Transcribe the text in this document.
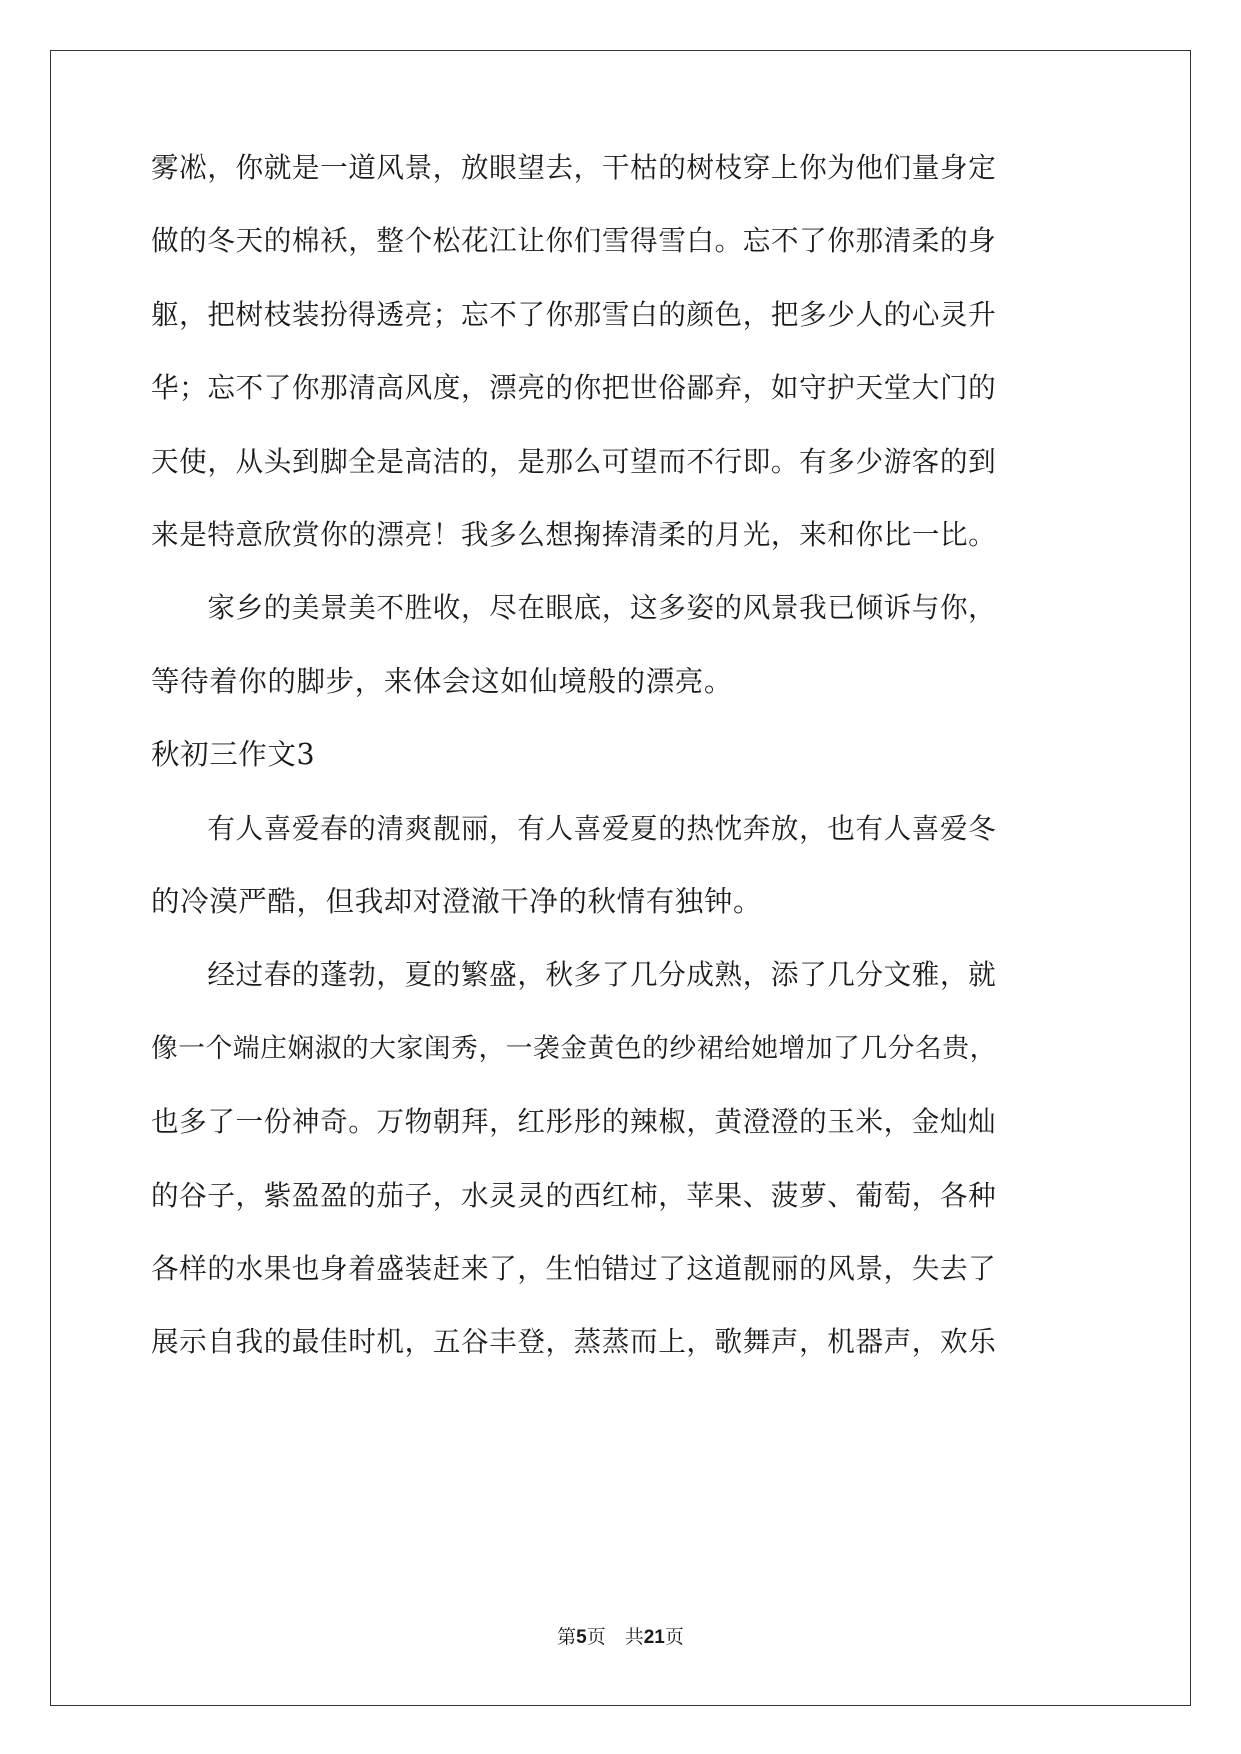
雾凇，你就是一道风景，放眼望去，干枯的树枝穿上你为他们量身定
做的冬天的棉袄，整个松花江让你们雪得雪白。忘不了你那清柔的身
躯，把树枝装扮得透亮；忘不了你那雪白的颜色，把多少人的心灵升
华；忘不了你那清高风度，漂亮的你把世俗鄙弃，如守护天堂大门的
天使，从头到脚全是高洁的，是那么可望而不行即。有多少游客的到
来是特意欣赏你的漂亮！我多么想掬捧清柔的月光，来和你比一比。
　　家乡的美景美不胜收，尽在眼底，这多姿的风景我已倾诉与你，
等待着你的脚步，来体会这如仙境般的漂亮。
秋初三作文3
　　有人喜爱春的清爽靓丽，有人喜爱夏的热忱奔放，也有人喜爱冬
的冷漠严酷，但我却对澄澈干净的秋情有独钟。
　　经过春的蓬勃，夏的繁盛，秋多了几分成熟，添了几分文雅，就
像一个端庄娴淑的大家闺秀，一袭金黄色的纱裙给她增加了几分名贵，
也多了一份神奇。万物朝拜，红彤彤的辣椒，黄澄澄的玉米，金灿灿
的谷子，紫盈盈的茄子，水灵灵的西红柿，苹果、菠萝、葡萄，各种
各样的水果也身着盛装赶来了，生怕错过了这道靓丽的风景，失去了
展示自我的最佳时机，五谷丰登，蒸蒸而上，歌舞声，机器声，欢乐
第5页　共21页
